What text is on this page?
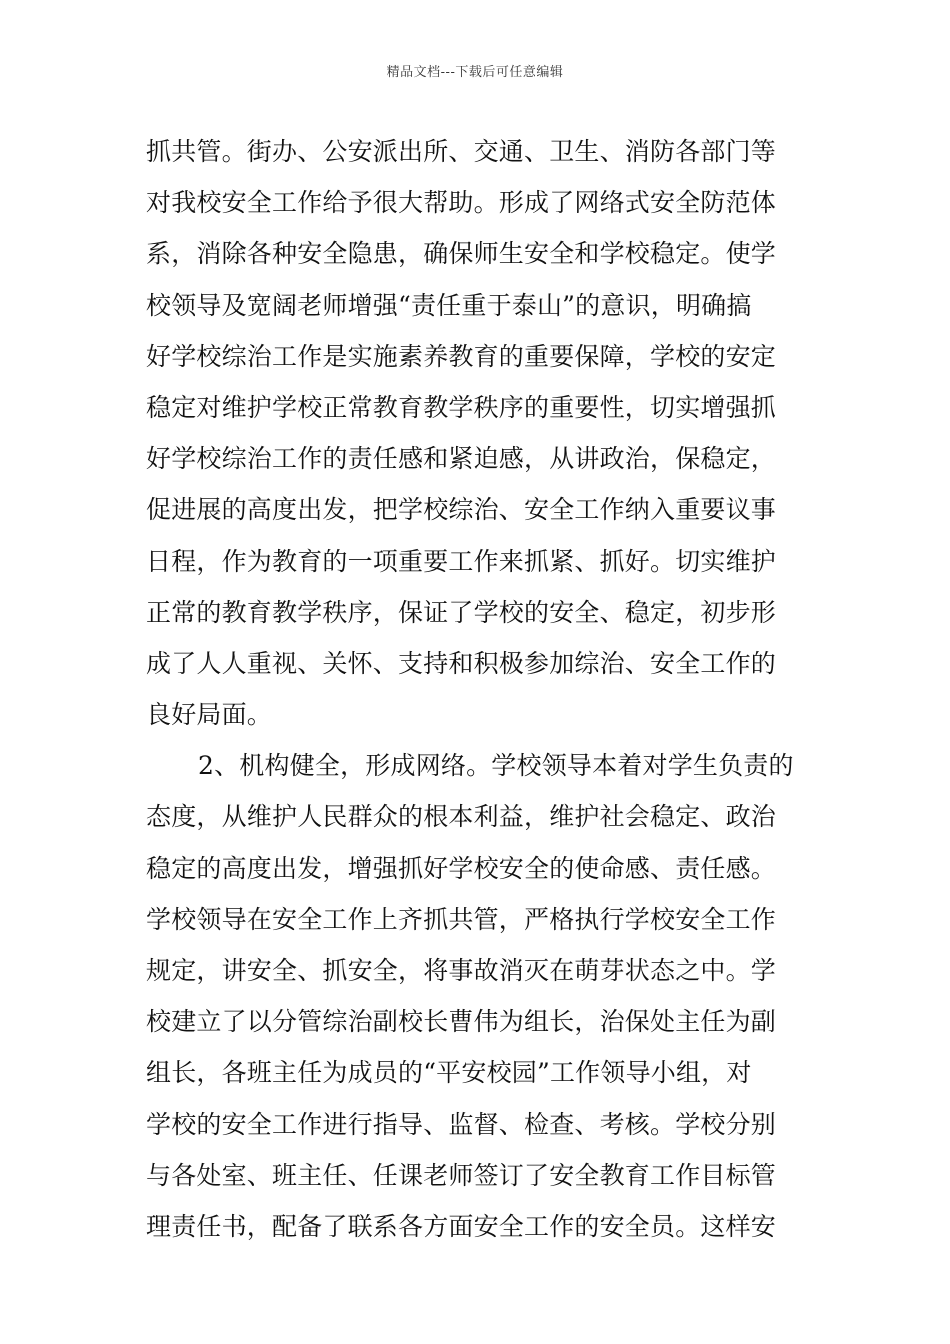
精品文档---下载后可任意编辑
抓共管。街办、公安派出所、交通、卫生、消防各部门等
对我校安全工作给予很大帮助。形成了网络式安全防范体
系，消除各种安全隐患，确保师生安全和学校稳定。使学
校领导及宽阔老师增强“责任重于泰山”的意识，明确搞
好学校综治工作是实施素养教育的重要保障，学校的安定
稳定对维护学校正常教育教学秩序的重要性，切实增强抓
好学校综治工作的责任感和紧迫感，从讲政治，保稳定，
促进展的高度出发，把学校综治、安全工作纳入重要议事
日程，作为教育的一项重要工作来抓紧、抓好。切实维护
正常的教育教学秩序，保证了学校的安全、稳定，初步形
成了人人重视、关怀、支持和积极参加综治、安全工作的
良好局面。
2、机构健全，形成网络。学校领导本着对学生负责的
态度，从维护人民群众的根本利益，维护社会稳定、政治
稳定的高度出发，增强抓好学校安全的使命感、责任感。
学校领导在安全工作上齐抓共管，严格执行学校安全工作
规定，讲安全、抓安全，将事故消灭在萌芽状态之中。学
校建立了以分管综治副校长曹伟为组长，治保处主任为副
组长，各班主任为成员的“平安校园”工作领导小组，对
学校的安全工作进行指导、监督、检查、考核。学校分别
与各处室、班主任、任课老师签订了安全教育工作目标管
理责任书，配备了联系各方面安全工作的安全员。这样安
